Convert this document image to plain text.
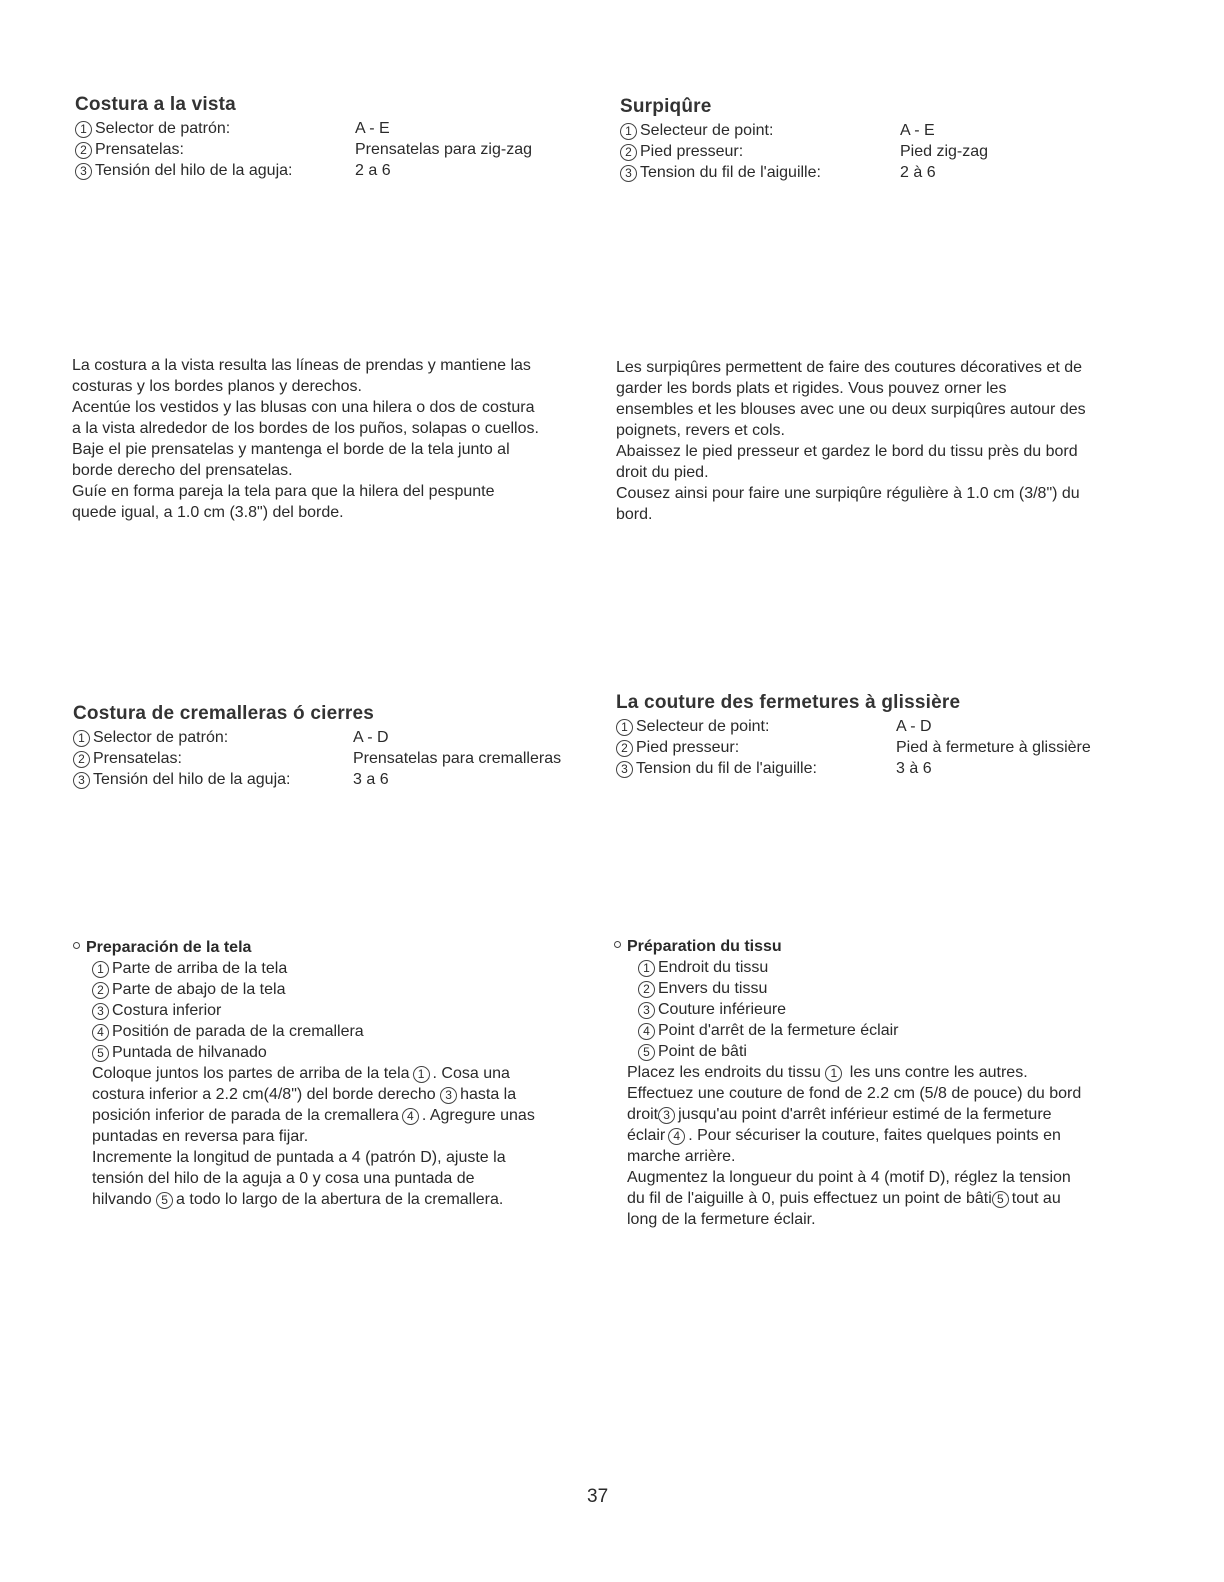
Costura a la vista
1 Selector de patrón:	A - E
2 Prensatelas:	Prensatelas para zig-zag
3 Tensión del hilo de la aguja:	2 a 6
Surpiqûre
1 Selecteur de point:	A - E
2 Pied presseur:	Pied zig-zag
3 Tension du fil de l'aiguille:	2 à 6

La costura a la vista resulta las líneas de prendas y mantiene las

costuras y los bordes planos y derechos.

Acentúe los vestidos y las blusas con una hilera o dos de costura

a la vista alrededor de los bordes de los puños, solapas o cuellos.

Baje el pie prensatelas y mantenga el borde de la tela junto al

borde derecho del prensatelas.

Guíe en forma pareja la tela para que la hilera del pespunte

quede igual, a 1.0 cm (3.8") del borde.

Les surpiqûres permettent de faire des coutures décoratives et de

garder les bords plats et rigides. Vous pouvez orner les

ensembles et les blouses avec une ou deux surpiqûres autour des

poignets, revers et cols.

Abaissez le pied presseur et gardez le bord du tissu près du bord

droit du pied.

Cousez ainsi pour faire une surpiqûre régulière à 1.0 cm (3/8") du

bord.

Costura de cremalleras ó cierres
1 Selector de patrón:	A - D
2 Prensatelas:	Prensatelas para cremalleras
3 Tensión del hilo de la aguja:	3 a 6
La couture des fermetures à glissière
1 Selecteur de point:	A - D
2 Pied presseur:	Pied à fermeture à glissière
3 Tension du fil de l'aiguille:	3 à 6
Preparación de la tela
1 Parte de arriba de la tela
2 Parte de abajo de la tela
3 Costura inferior
4 Positión de parada de la cremallera
5 Puntada de hilvanado

Coloque juntos los partes de arriba de la tela 1 . Cosa una

costura inferior a 2.2 cm(4/8") del borde derecho 3 hasta la

posición inferior de parada de la cremallera 4 . Agregure unas

puntadas en reversa para fijar.

Incremente la longitud de puntada a 4 (patrón D), ajuste la

tensión del hilo de la aguja a 0 y cosa una puntada de

hilvando 5 a todo lo largo de la abertura de la cremallera.

Préparation du tissu
1 Endroit du tissu
2 Envers du tissu
3 Couture inférieure
4 Point d'arrêt de la fermeture éclair
5 Point de bâti

Placez les endroits du tissu 1 les uns contre les autres.

Effectuez une couture de fond de 2.2 cm (5/8 de pouce) du bord

droit 3 jusqu'au point d'arrêt inférieur estimé de la fermeture

éclair 4 . Pour sécuriser la couture, faites quelques points en

marche arrière.

Augmentez la longueur du point à 4 (motif D), réglez la tension

du fil de l'aiguille à 0, puis effectuez un point de bâti 5 tout au

long de la fermeture éclair.

37
